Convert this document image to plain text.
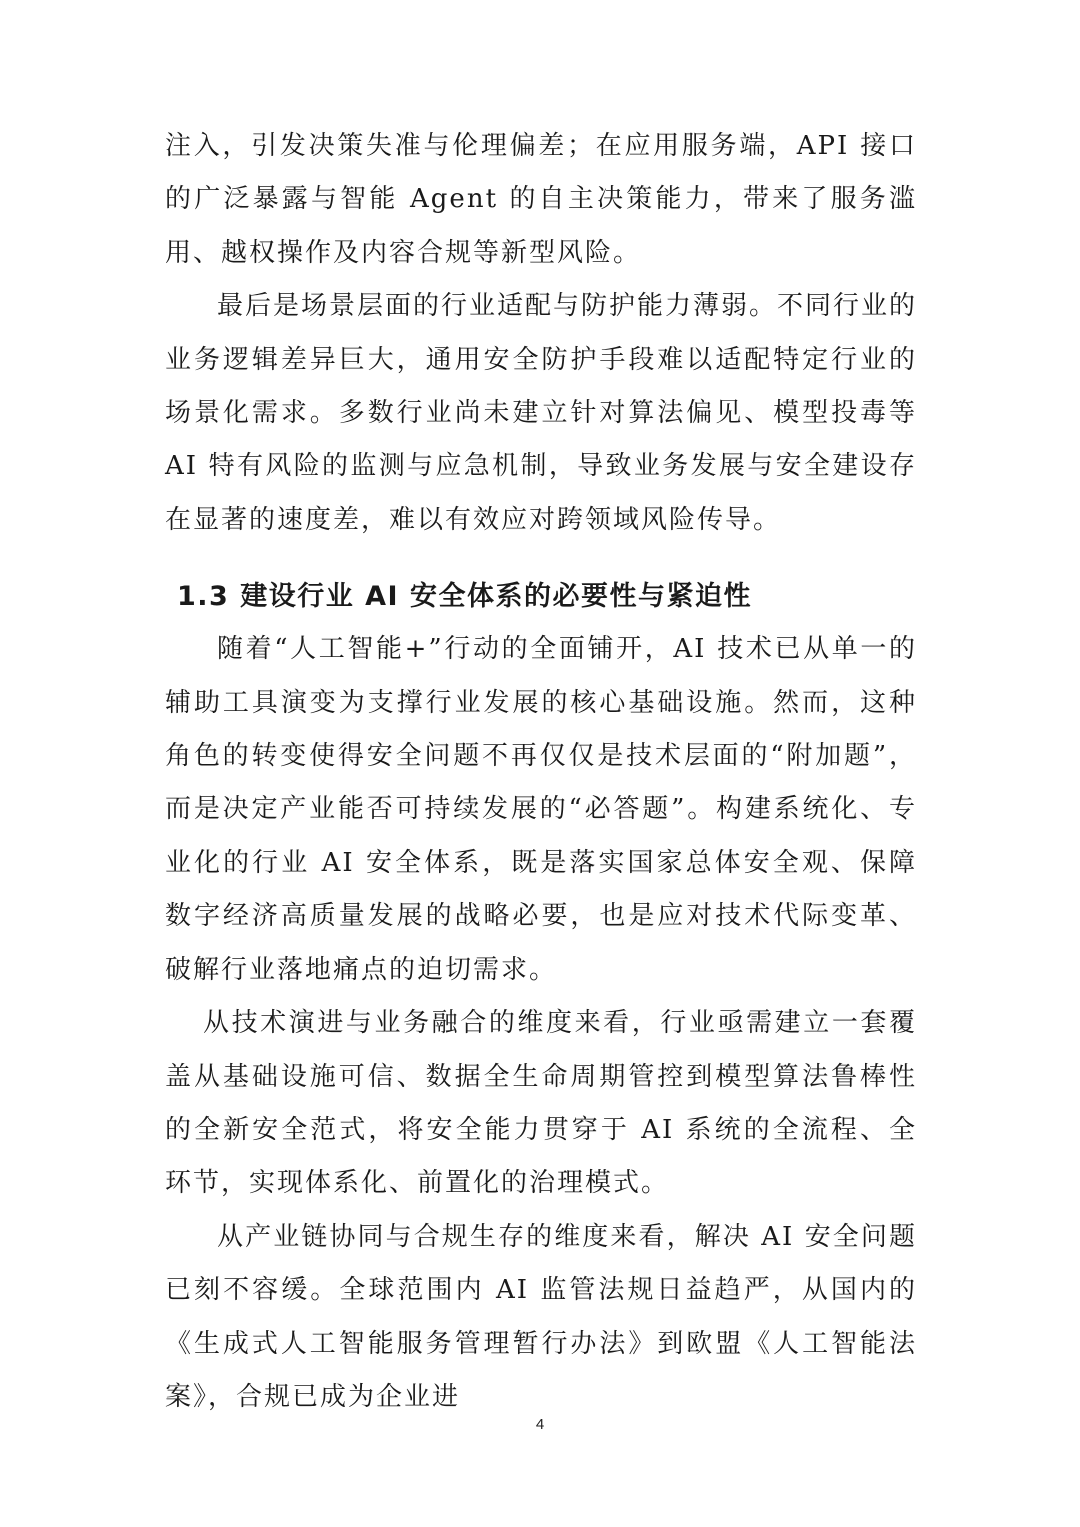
注入，引发决策失准与伦理偏差；在应用服务端，API 接口的广泛暴露与智能 Agent 的自主决策能力，带来了服务滥用、越权操作及内容合规等新型风险。

最后是场景层面的行业适配与防护能力薄弱。不同行业的业务逻辑差异巨大，通用安全防护手段难以适配特定行业的场景化需求。多数行业尚未建立针对算法偏见、模型投毒等 AI 特有风险的监测与应急机制，导致业务发展与安全建设存在显著的速度差，难以有效应对跨领域风险传导。

1.3 建设行业 AI 安全体系的必要性与紧迫性

随着“人工智能+”行动的全面铺开，AI 技术已从单一的辅助工具演变为支撑行业发展的核心基础设施。然而，这种角色的转变使得安全问题不再仅仅是技术层面的“附加题”，而是决定产业能否可持续发展的“必答题”。构建系统化、专业化的行业 AI 安全体系，既是落实国家总体安全观、保障数字经济高质量发展的战略必要，也是应对技术代际变革、破解行业落地痛点的迫切需求。

从技术演进与业务融合的维度来看，行业亟需建立一套覆盖从基础设施可信、数据全生命周期管控到模型算法鲁棒性的全新安全范式，将安全能力贯穿于 AI 系统的全流程、全环节，实现体系化、前置化的治理模式。

从产业链协同与合规生存的维度来看，解决 AI 安全问题已刻不容缓。全球范围内 AI 监管法规日益趋严，从国内的《生成式人工智能服务管理暂行办法》到欧盟《人工智能法案》，合规已成为企业进

4
